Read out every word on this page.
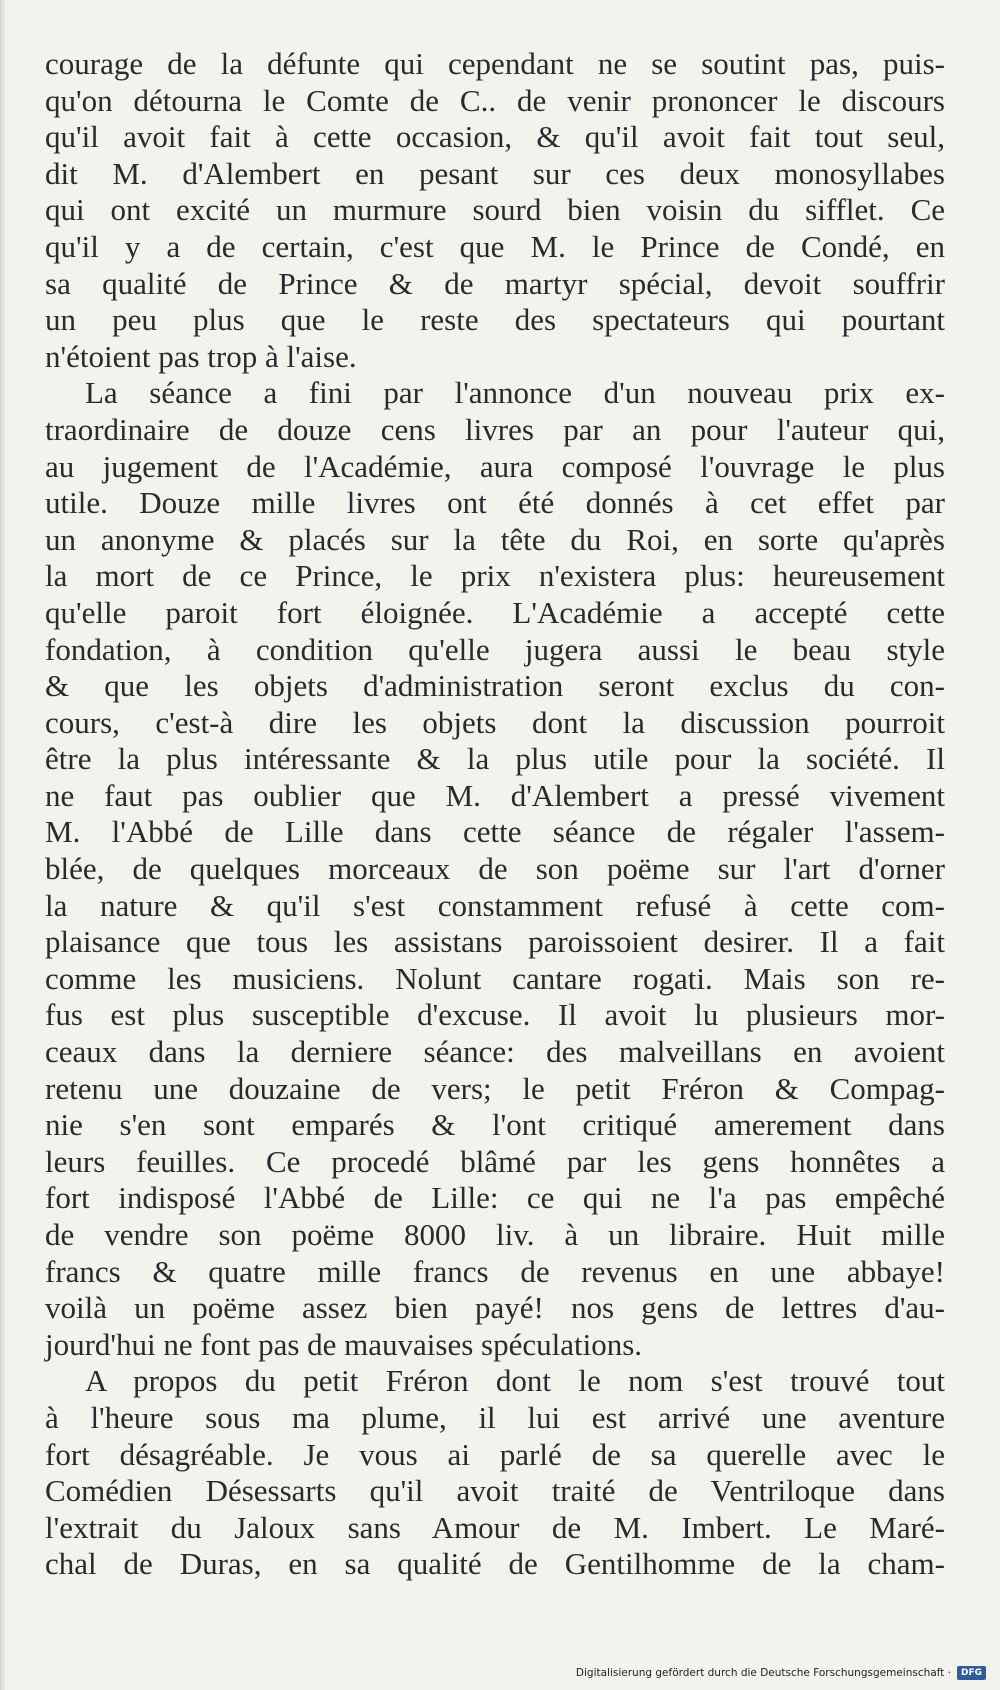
courage de la défunte qui cependant ne se soutint pas, puis-
qu'on détourna le Comte de C.. de venir prononcer le discours
qu'il avoit fait à cette occasion, & qu'il avoit fait tout seul,
dit M. d'Alembert en pesant sur ces deux monosyllabes
qui ont excité un murmure sourd bien voisin du sifflet. Ce
qu'il y a de certain, c'est que M. le Prince de Condé, en
sa qualité de Prince & de martyr spécial, devoit souffrir
un peu plus que le reste des spectateurs qui pourtant
n'étoient pas trop à l'aise.
La séance a fini par l'annonce d'un nouveau prix ex-
traordinaire de douze cens livres par an pour l'auteur qui,
au jugement de l'Académie, aura composé l'ouvrage le plus
utile. Douze mille livres ont été donnés à cet effet par
un anonyme & placés sur la tête du Roi, en sorte qu'après
la mort de ce Prince, le prix n'existera plus: heureusement
qu'elle paroit fort éloignée. L'Académie a accepté cette
fondation, à condition qu'elle jugera aussi le beau style
& que les objets d'administration seront exclus du con-
cours, c'est-à dire les objets dont la discussion pourroit
être la plus intéressante & la plus utile pour la société. Il
ne faut pas oublier que M. d'Alembert a pressé vivement
M. l'Abbé de Lille dans cette séance de régaler l'assem-
blée, de quelques morceaux de son poëme sur l'art d'orner
la nature & qu'il s'est constamment refusé à cette com-
plaisance que tous les assistans paroissoient desirer. Il a fait
comme les musiciens. Nolunt cantare rogati. Mais son re-
fus est plus susceptible d'excuse. Il avoit lu plusieurs mor-
ceaux dans la derniere séance: des malveillans en avoient
retenu une douzaine de vers; le petit Fréron & Compag-
nie s'en sont emparés & l'ont critiqué amerement dans
leurs feuilles. Ce procedé blâmé par les gens honnêtes a
fort indisposé l'Abbé de Lille: ce qui ne l'a pas empêché
de vendre son poëme 8000 liv. à un libraire. Huit mille
francs & quatre mille francs de revenus en une abbaye!
voilà un poëme assez bien payé! nos gens de lettres d'au-
jourd'hui ne font pas de mauvaises spéculations.
A propos du petit Fréron dont le nom s'est trouvé tout
à l'heure sous ma plume, il lui est arrivé une aventure
fort désagréable. Je vous ai parlé de sa querelle avec le
Comédien Désessarts qu'il avoit traité de Ventriloque dans
l'extrait du Jaloux sans Amour de M. Imbert. Le Maré-
chal de Duras, en sa qualité de Gentilhomme de la cham-
Digitalisierung gefördert durch die Deutsche Forschungsgemeinschaft ·	DFG
